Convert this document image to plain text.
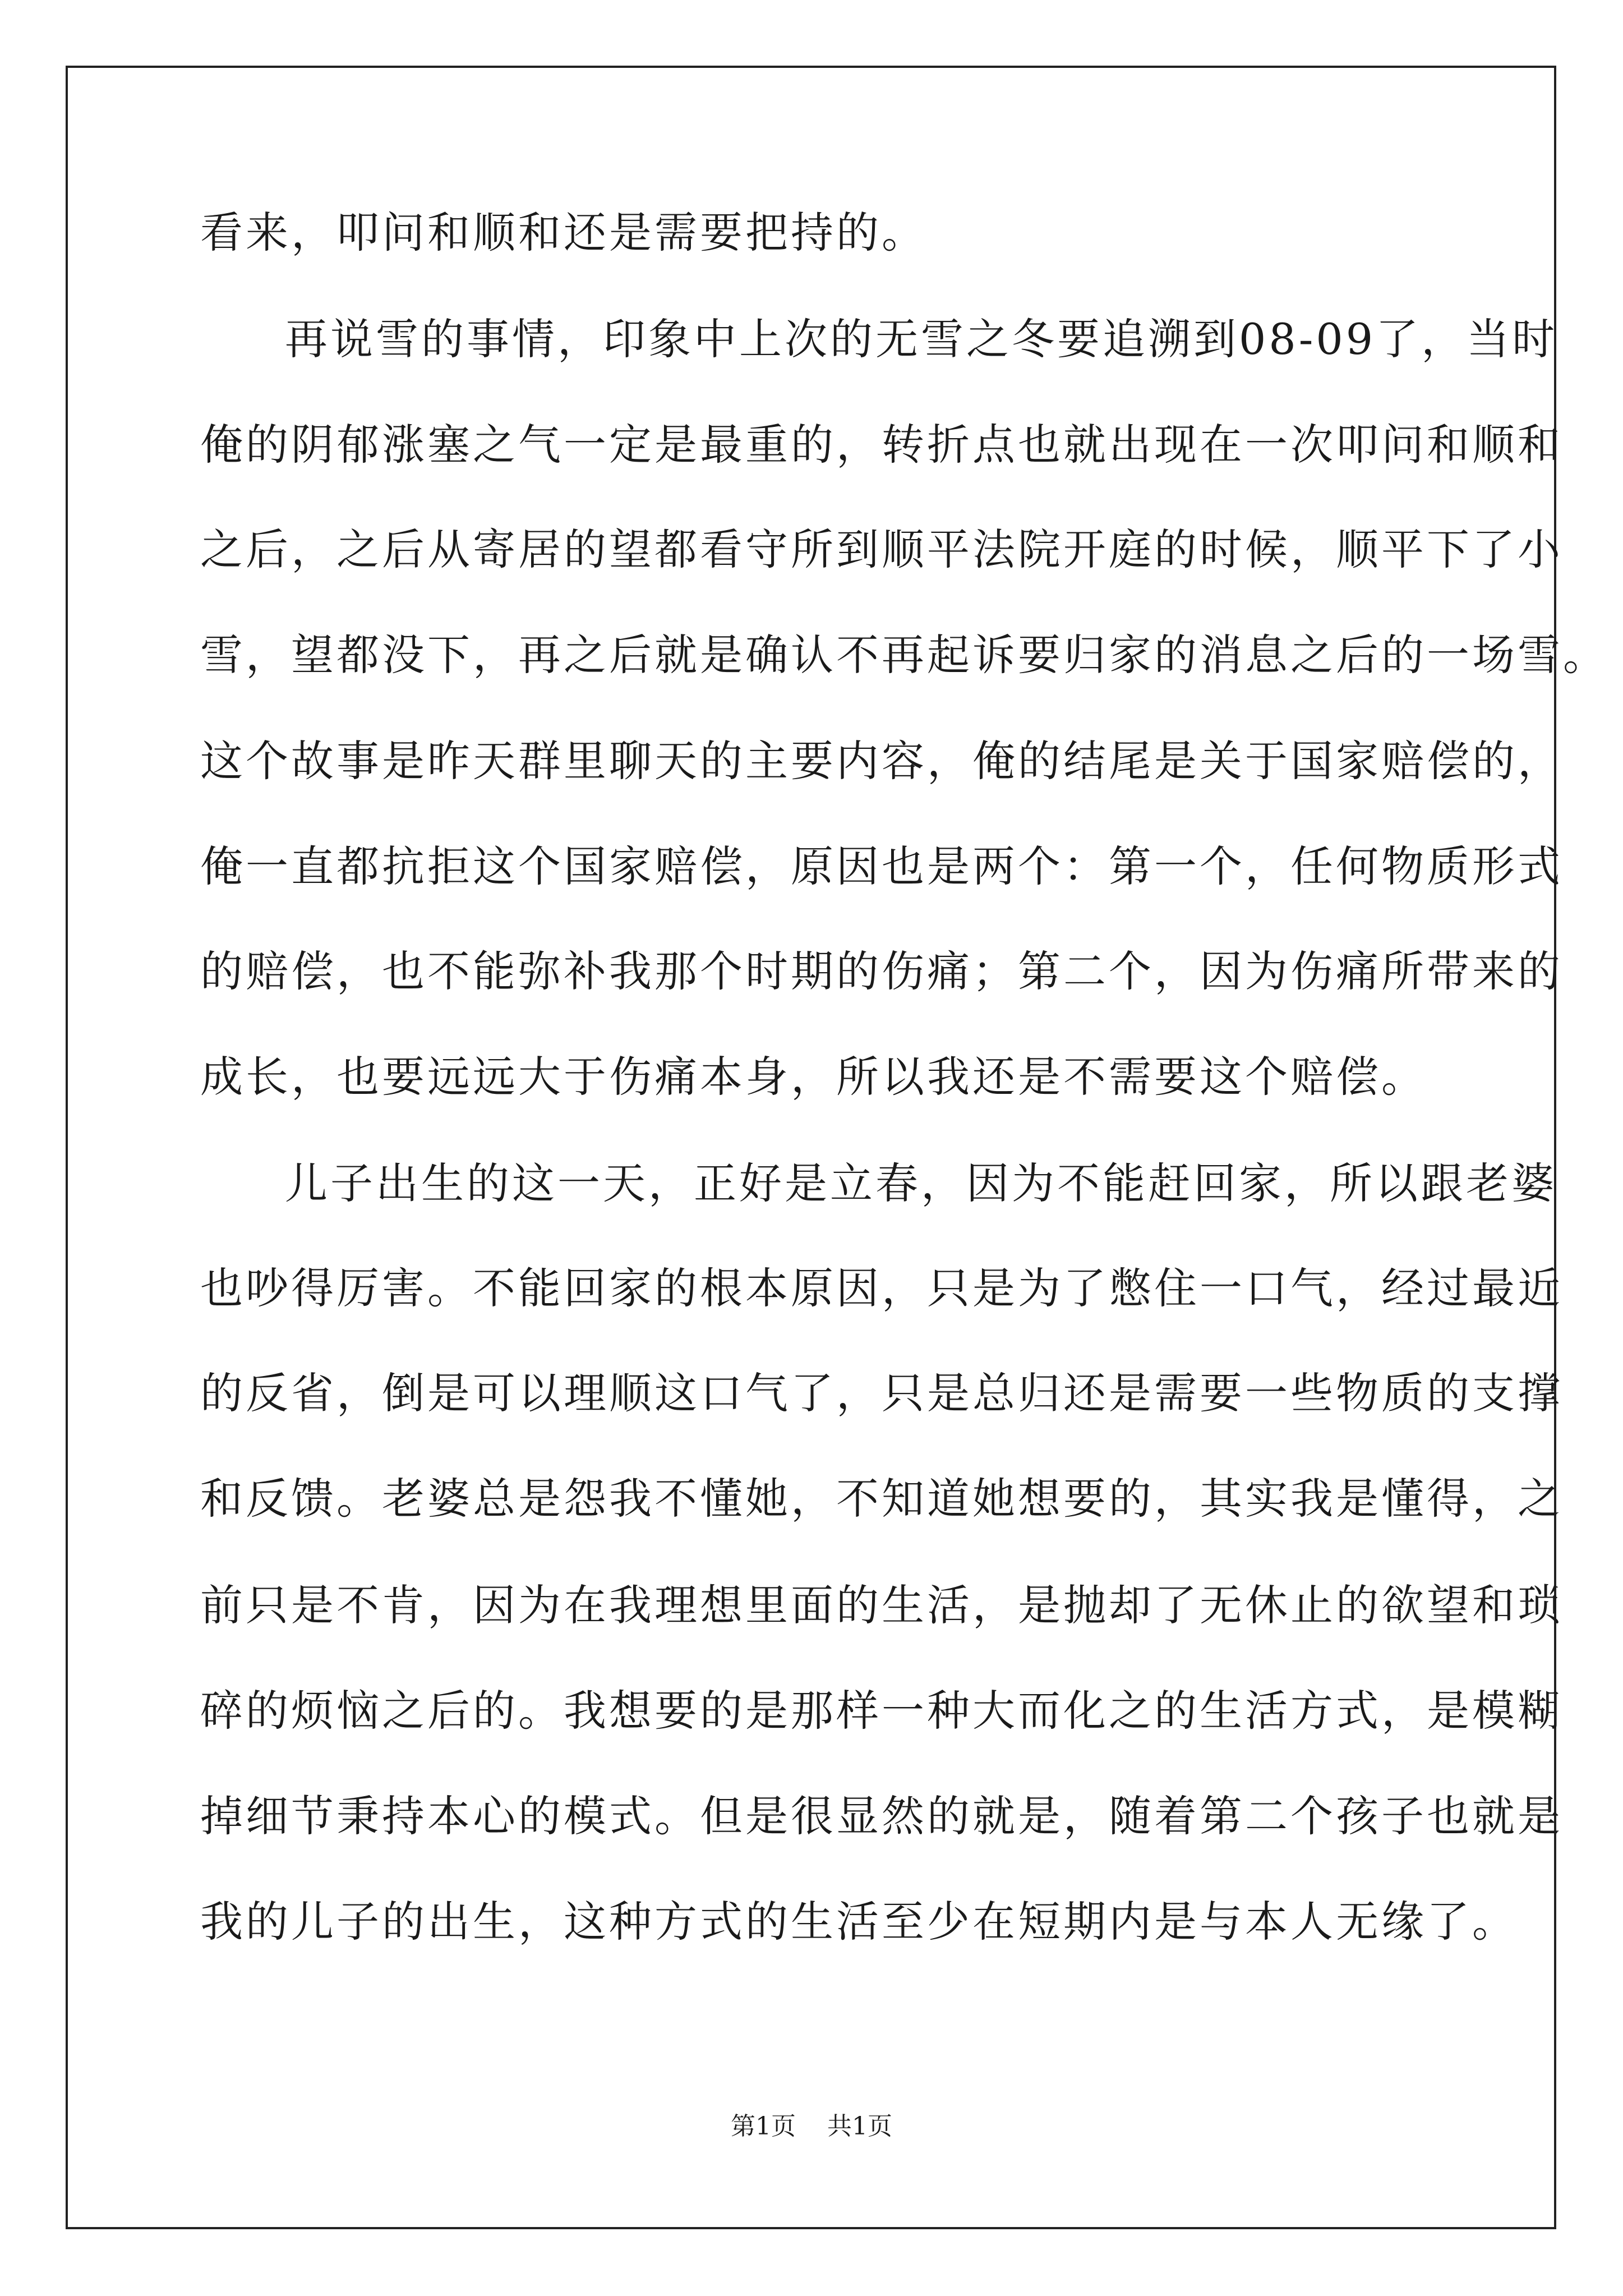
看来，叩问和顺和还是需要把持的。
再说雪的事情，印象中上次的无雪之冬要追溯到08-09了，当时
俺的阴郁涨塞之气一定是最重的，转折点也就出现在一次叩问和顺和
之后，之后从寄居的望都看守所到顺平法院开庭的时候，顺平下了小
雪，望都没下，再之后就是确认不再起诉要归家的消息之后的一场雪。
这个故事是昨天群里聊天的主要内容，俺的结尾是关于国家赔偿的，
俺一直都抗拒这个国家赔偿，原因也是两个：第一个，任何物质形式
的赔偿，也不能弥补我那个时期的伤痛；第二个，因为伤痛所带来的
成长，也要远远大于伤痛本身，所以我还是不需要这个赔偿。
儿子出生的这一天，正好是立春，因为不能赶回家，所以跟老婆
也吵得厉害。不能回家的根本原因，只是为了憋住一口气，经过最近
的反省，倒是可以理顺这口气了，只是总归还是需要一些物质的支撑
和反馈。老婆总是怨我不懂她，不知道她想要的，其实我是懂得，之
前只是不肯，因为在我理想里面的生活，是抛却了无休止的欲望和琐
碎的烦恼之后的。我想要的是那样一种大而化之的生活方式，是模糊
掉细节秉持本心的模式。但是很显然的就是，随着第二个孩子也就是
我的儿子的出生，这种方式的生活至少在短期内是与本人无缘了。
第1页 共1页
